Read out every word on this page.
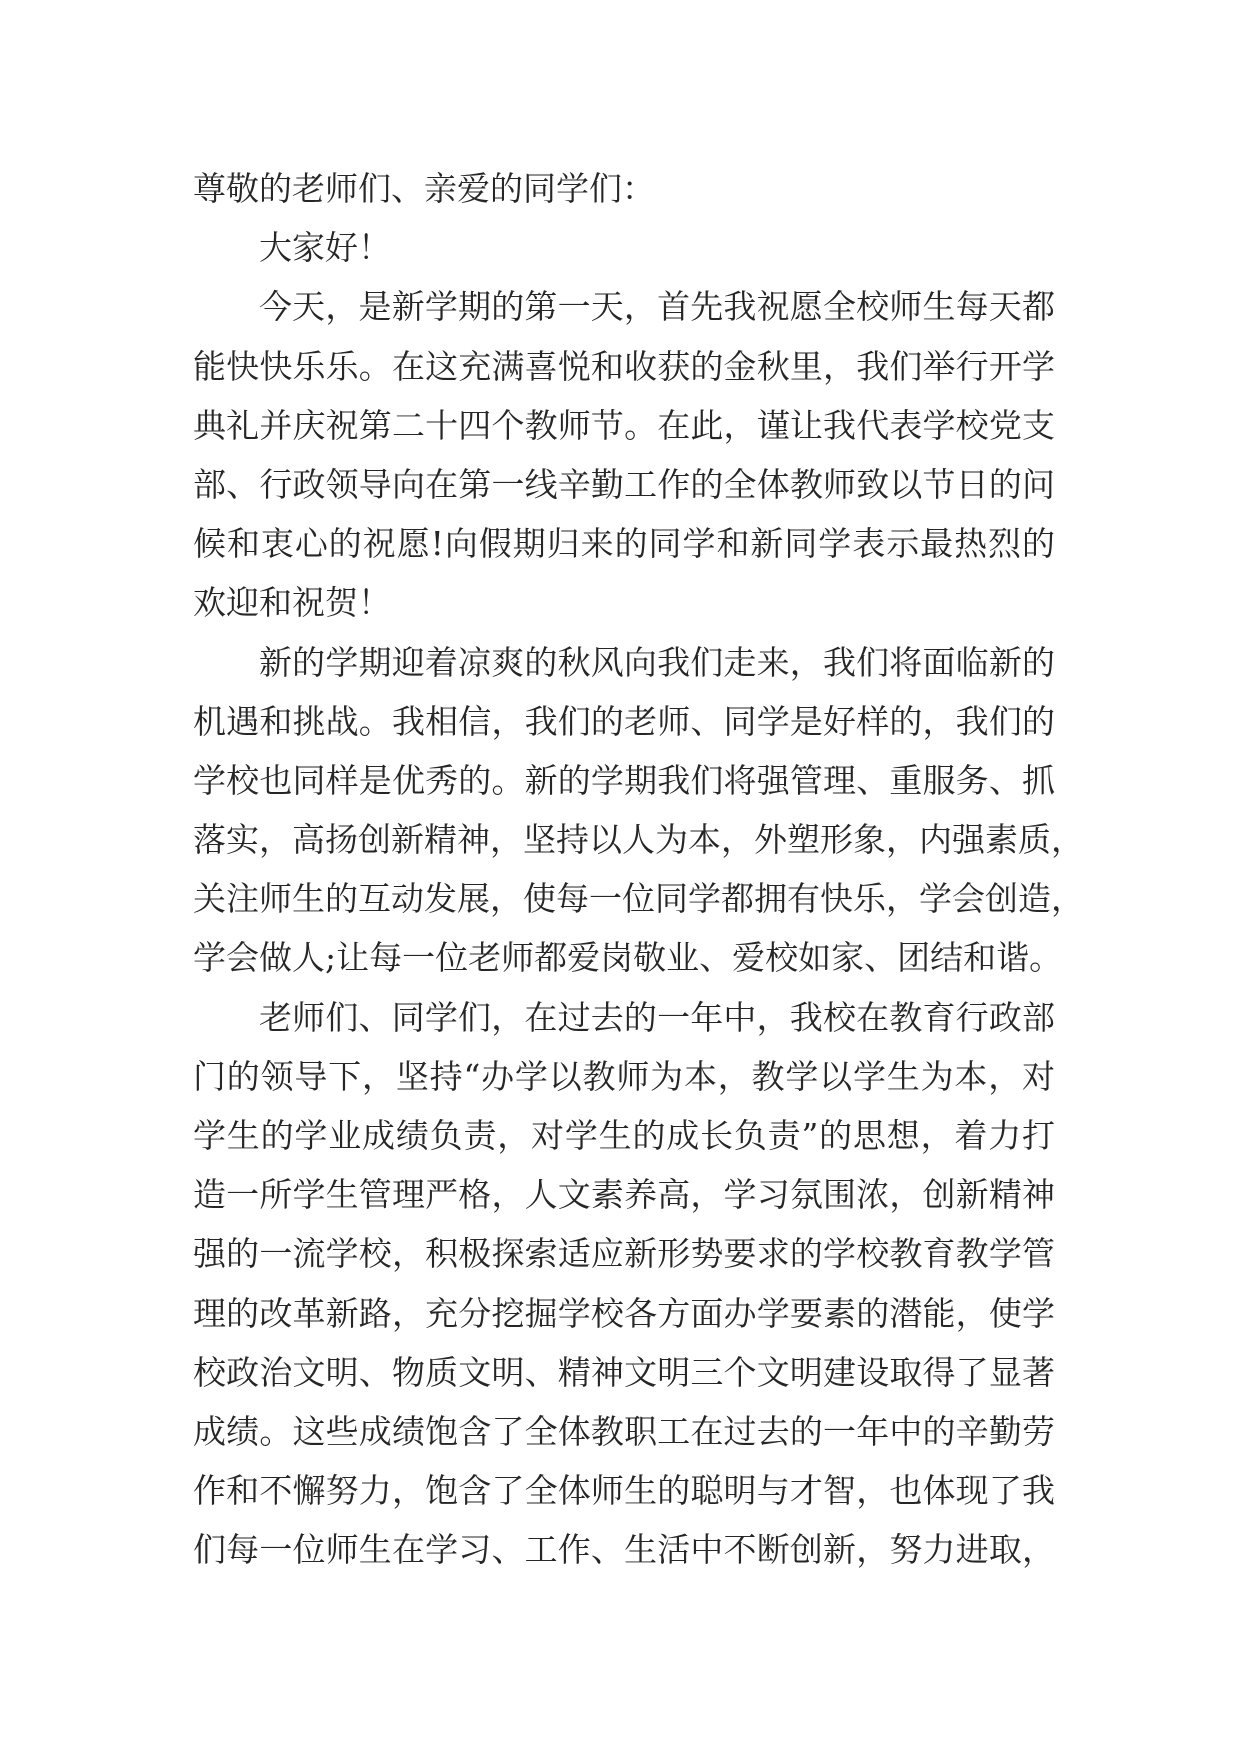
尊敬的老师们、亲爱的同学们：
大家好！
今天，是新学期的第一天，首先我祝愿全校师生每天都
能快快乐乐。在这充满喜悦和收获的金秋里，我们举行开学
典礼并庆祝第二十四个教师节。在此，谨让我代表学校党支
部、行政领导向在第一线辛勤工作的全体教师致以节日的问
候和衷心的祝愿!向假期归来的同学和新同学表示最热烈的
欢迎和祝贺！
新的学期迎着凉爽的秋风向我们走来，我们将面临新的
机遇和挑战。我相信，我们的老师、同学是好样的，我们的
学校也同样是优秀的。新的学期我们将强管理、重服务、抓
落实，高扬创新精神，坚持以人为本，外塑形象，内强素质，
关注师生的互动发展，使每一位同学都拥有快乐，学会创造，
学会做人;让每一位老师都爱岗敬业、爱校如家、团结和谐。
老师们、同学们，在过去的一年中，我校在教育行政部
门的领导下，坚持“办学以教师为本，教学以学生为本，对
学生的学业成绩负责，对学生的成长负责”的思想，着力打
造一所学生管理严格，人文素养高，学习氛围浓，创新精神
强的一流学校，积极探索适应新形势要求的学校教育教学管
理的改革新路，充分挖掘学校各方面办学要素的潜能，使学
校政治文明、物质文明、精神文明三个文明建设取得了显著
成绩。这些成绩饱含了全体教职工在过去的一年中的辛勤劳
作和不懈努力，饱含了全体师生的聪明与才智，也体现了我
们每一位师生在学习、工作、生活中不断创新，努力进取，
